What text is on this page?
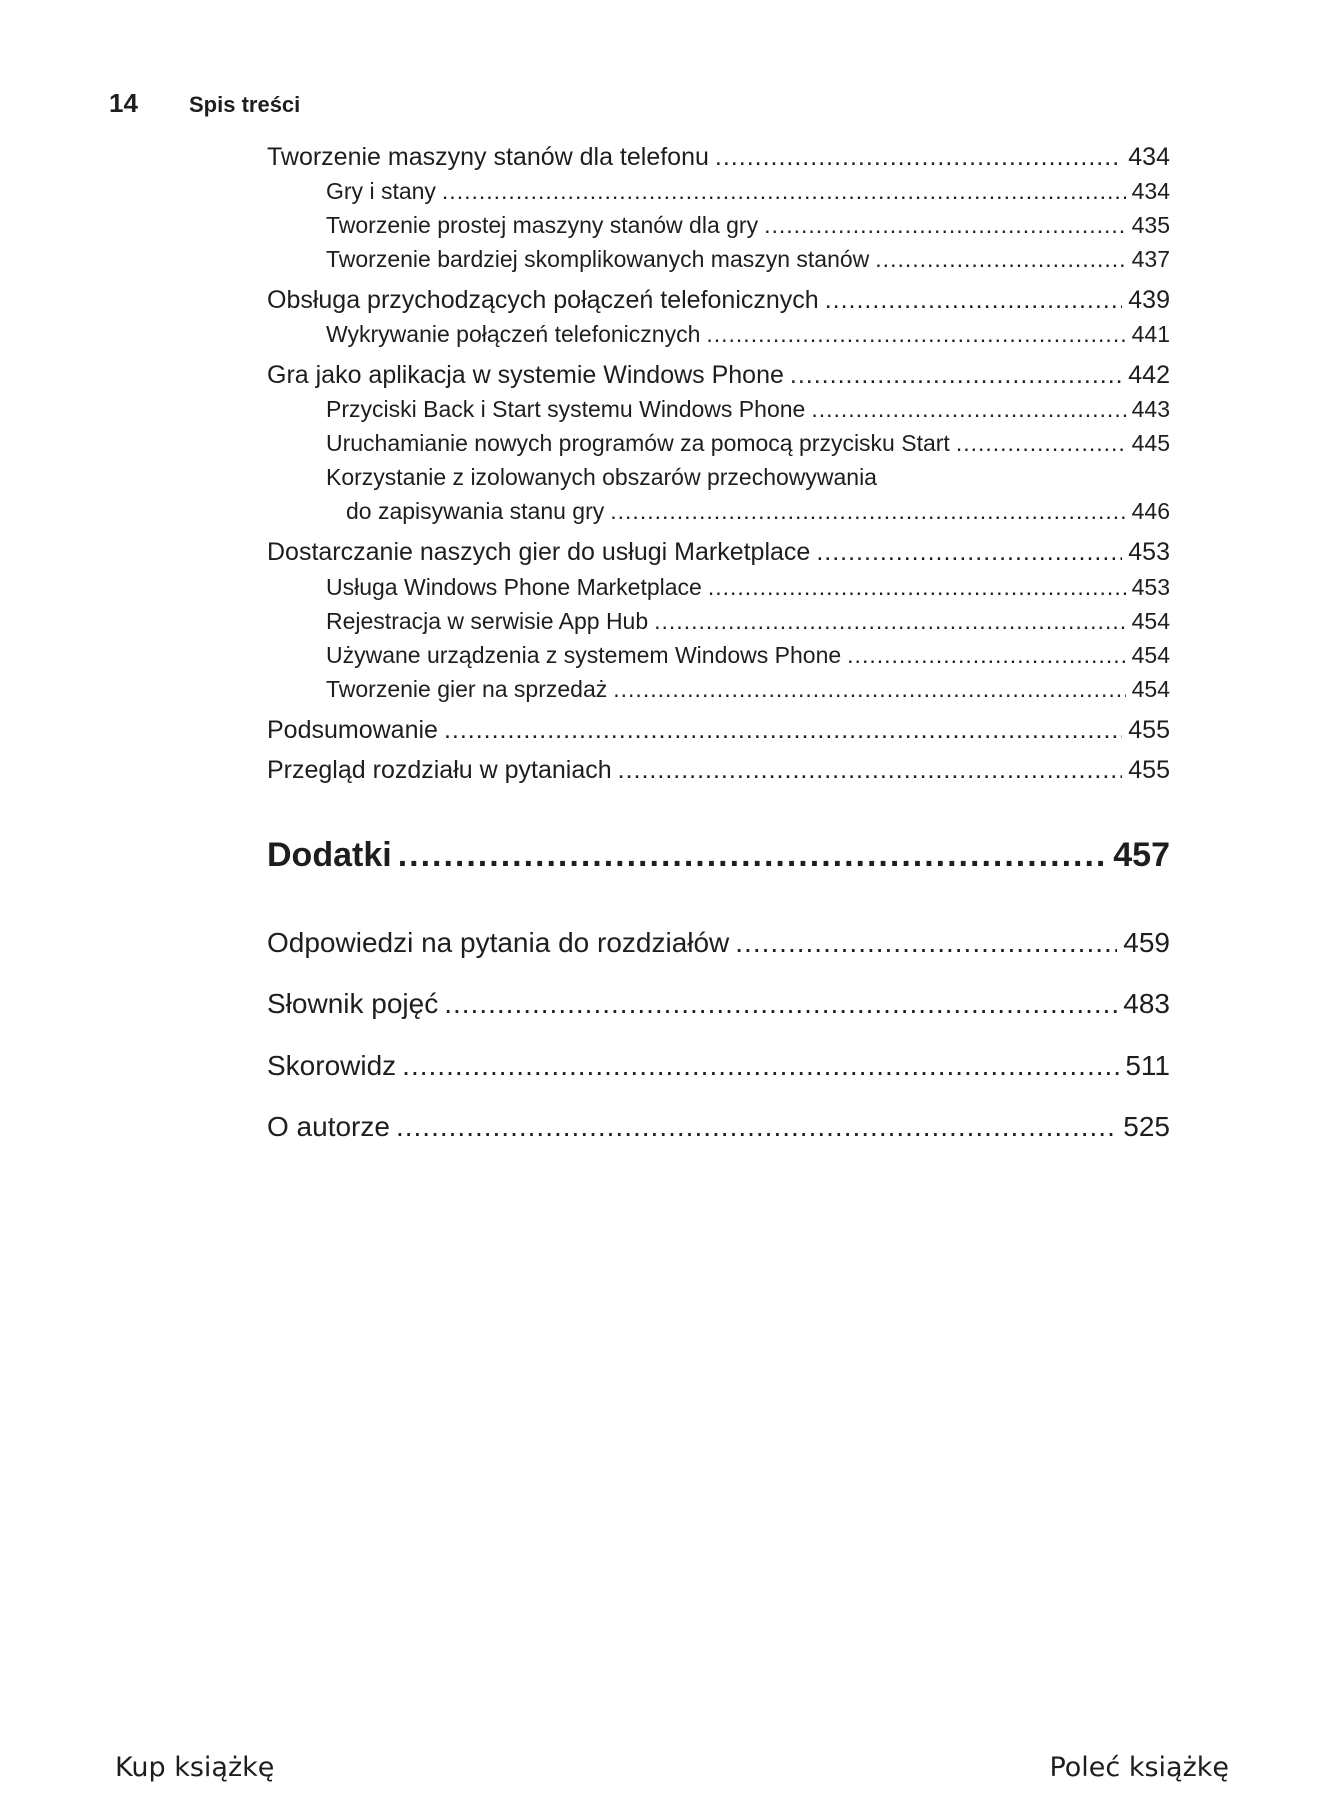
14	Spis treści
Tworzenie maszyny stanów dla telefonu .....	434
Gry i stany .....	434
Tworzenie prostej maszyny stanów dla gry .....	435
Tworzenie bardziej skomplikowanych maszyn stanów .....	437
Obsługa przychodzących połączeń telefonicznych .....	439
Wykrywanie połączeń telefonicznych .....	441
Gra jako aplikacja w systemie Windows Phone .....	442
Przyciski Back i Start systemu Windows Phone .....	443
Uruchamianie nowych programów za pomocą przycisku Start .....	445
Korzystanie z izolowanych obszarów przechowywania
do zapisywania stanu gry .....	446
Dostarczanie naszych gier do usługi Marketplace .....	453
Usługa Windows Phone Marketplace .....	453
Rejestracja w serwisie App Hub .....	454
Używane urządzenia z systemem Windows Phone .....	454
Tworzenie gier na sprzedaż .....	454
Podsumowanie .....	455
Przegląd rozdziału w pytaniach .....	455
Dodatki .....	457
Odpowiedzi na pytania do rozdziałów .....	459
Słownik pojęć .....	483
Skorowidz .....	511
O autorze .....	525
Kup książkę	Poleć książkę
